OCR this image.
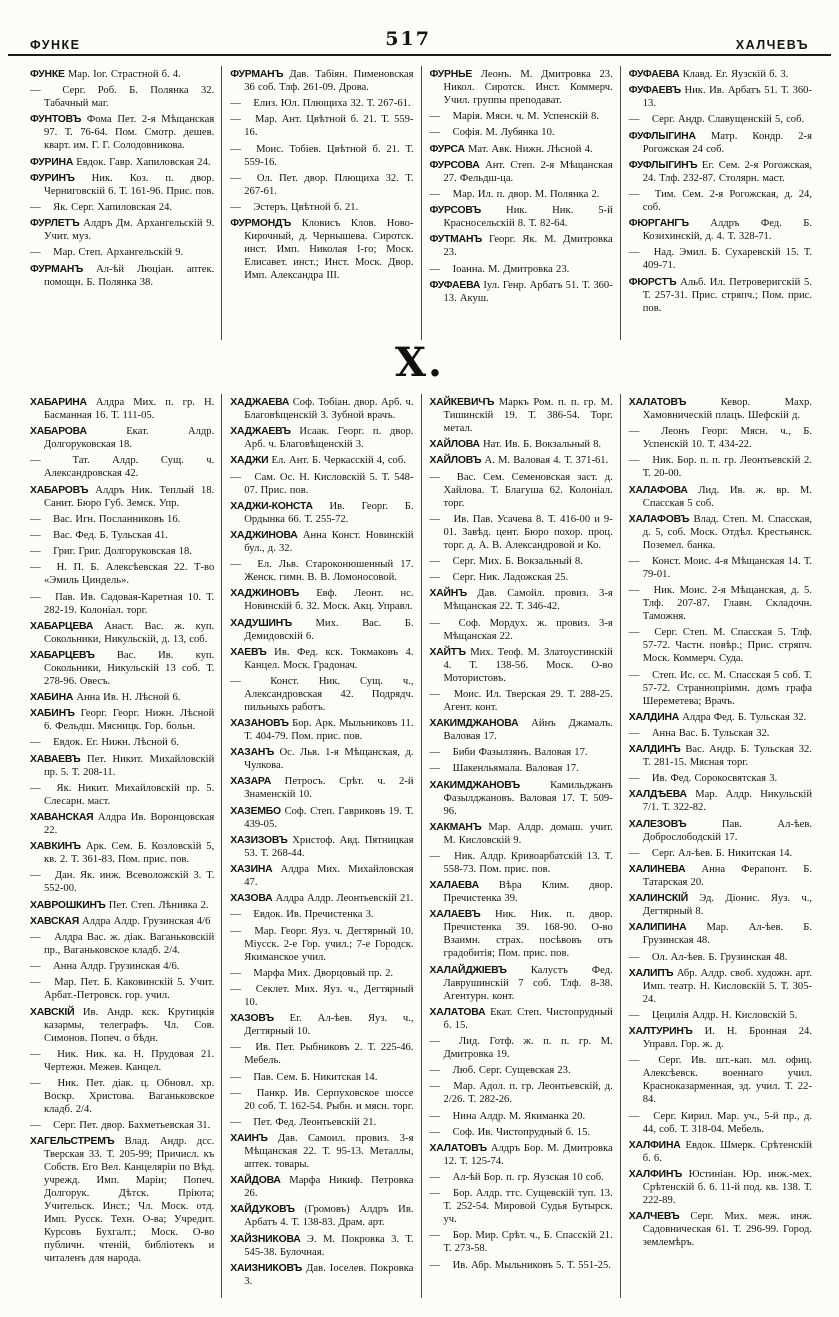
ФУНКЕ	517	ХАЛЧЕВЪ
ФУНКЕ Мар. Іог. Страстной б. 4.
— Серг. Роб. Б. Полянка 32. Табачный маг.
ФУНТОВЪ Фома Пет. 2-я Мѣщанская 97. Т. 76-64. Пом. Смотр. дешев. кварт. им. Г. Г. Солодовникова.
ФУРИНА Евдок. Гавр. Хапиловская 24.
ФУРИНЪ Ник. Коз. п. двор. Черниговскій 6. Т. 161-96. Прис. пов.
— Як. Серг. Хапиловская 24.
ФУРЛЕТЪ Алдръ Дм. Архангельскій 9. Учит. муз.
— Мар. Степ. Архангельскій 9.
ФУРМАНЪ Ал-ѣй Люціан. аптек. помощн. Б. Полянка 38.
ФУРМАНЪ Дав. Табіян. Пименовская 36 соб. Тлф. 261-09. Дрова.
— Елиз. Юл. Плющиха 32. Т. 267-61.
— Мар. Ант. Цвѣтной б. 21. Т. 559-16.
— Моис. Тобіев. Цвѣтной б. 21. Т. 559-16.
— Ол. Пет. двор. Плющиха 32. Т. 267-61.
— Эстеръ. Цвѣтной б. 21.
ФУРМОНДЪ Кловисъ Клов. Ново-Кирочный, д. Чернышева. Сиротск. инст. Имп. Николая I-го; Моск. Елисавет. инст.; Инст. Моск. Двор. Имп. Александра III.
ФУРНЬЕ Леонъ. М. Дмитровка 23. Никол. Сиротск. Инст. Коммерч. Учил. группы преподават.
— Марія. Мясн. ч. М. Успенскій 8.
— Софія. М. Лубянка 10.
ФУРСА Мат. Авк. Нижн. Лѣсной 4.
ФУРСОВА Ант. Степ. 2-я Мѣщанская 27. Фельдш-ца.
— Мар. Ил. п. двор. М. Полянка 2.
ФУРСОВЪ Ник. Ник. 5-й Красносельскій 8. Т. 82-64.
ФУТМАНЪ Георг. Як. М. Дмитровка 23.
— Іоанна. М. Дмитровка 23.
ФУФАЕВА Іул. Генр. Арбатъ 51. Т. 360-13. Акуш.
ФУФАЕВА Клавд. Ег. Яузскій б. 3.
ФУФАЕВЪ Ник. Ив. Арбатъ 51. Т. 360-13.
— Серг. Андр. Славущенскій 5, соб.
ФУФЛЫГИНА Матр. Кондр. 2-я Рогожская 24 соб.
ФУФЛЫГИНЪ Ег. Сем. 2-я Рогожская, 24. Тлф. 232-87. Столярн. маст.
— Тим. Сем. 2-я Рогожская, д. 24, соб.
ФЮРГАНГЪ Алдръ Фед. Б. Козихинскій, д. 4. Т. 328-71.
— Над. Эмил. Б. Сухаревскій 15. Т. 409-71.
ФЮРСТЪ Альб. Ил. Петроверигскій 5. Т. 257-31. Прис. стряпч.; Пом. прис. пов.
Х.
ХАБАРИНА Алдра Мих. п. гр. Н. Басманная 16. Т. 111-05.
ХАБАРОВА Екат. Алдр. Долгоруковская 18.
— Тат. Алдр. Сущ. ч. Александровская 42.
ХАБАРОВЪ Алдръ Ник. Теплый 18. Санит. Бюро Губ. Земск. Упр.
— Вас. Игн. Посланниковъ 16.
— Вас. Фед. Б. Тульская 41.
— Григ. Григ. Долгоруковская 18.
— Н. П. Б. Алексѣевская 22. Т-во «Эмиль Циндель».
— Пав. Ив. Садовая-Каретная 10. Т. 282-19. Колоніал. торг.
ХАБАРЦЕВА Анаст. Вас. ж. куп. Сокольники, Никульскій, д. 13, соб.
ХАБАРЦЕВЪ Вас. Ив. куп. Сокольники, Никульскій 13 соб. Т. 278-96. Овесъ.
ХАБИНА Анна Ив. Н. Лѣсной 6.
ХАБИНЪ Георг. Георг. Нижн. Лѣсной 6. Фельдш. Мясницк. Гор. больн.
— Евдок. Ег. Нижн. Лѣсной 6.
ХАВАЕВЪ Пет. Никит. Михайловскій пр. 5. Т. 208-11.
— Як. Никит. Михайловскій пр. 5. Слесарн. маст.
ХАВАНСКАЯ Алдра Ив. Воронцовская 22.
ХАВКИНЪ Арк. Сем. Б. Козловскій 5, кв. 2. Т. 361-83. Пом. прис. пов.
— Дан. Як. инж. Всеволожскій 3. Т. 552-00.
ХАВРОШКИНЪ Пет. Степ. Лѣнивка 2.
ХАВСКАЯ Алдра Алдр. Грузинская 4/6
— Алдра Вас. ж. діак. Ваганьковскій пр., Ваганьковское кладб. 2/4.
— Анна Алдр. Грузинская 4/6.
— Мар. Пет. Б. Каковинскій 5. Учит. Арбат.-Петровск. гор. учил.
ХАВСКІЙ Ив. Андр. кск. Крутицкія казармы, телеграфъ. Чл. Сов. Симонов. Попеч. о бѣдн.
— Ник. Ник. ка. Н. Прудовая 21. Чертежн. Межев. Канцел.
— Ник. Пет. діак. ц. Обновл. хр. Воскр. Христова. Ваганьковское кладб. 2/4.
— Серг. Пет. двор. Бахметьевская 31.
ХАГЕЛЬСТРЕМЪ Влад. Андр. дсс. Тверская 33. Т. 205-99; Причисл. къ Собств. Его Вел. Канцеляріи по Вѣд. учрежд. Имп. Маріи; Попеч. Долгорук. Дѣтск. Пріюта; Учительск. Инст.; Чл. Моск. отд. Имп. Русск. Техн. О-ва; Учредит. Курсовъ Бухгалт.; Моск. О-во публичн. чтеній, библіотекъ и читаленъ для народа.
ХАДЖАЕВА Соф. Тобіан. двор. Арб. ч. Благовѣщенскій 3. Зубной врачъ.
ХАДЖАЕВЪ Исаак. Георг. п. двор. Арб. ч. Благовѣщенскій 3.
ХАДЖИ Ел. Ант. Б. Черкасскій 4, соб.
— Сам. Ос. Н. Кисловскій 5. Т. 548-07. Прис. пов.
ХАДЖИ-КОНСТА Ив. Георг. Б. Ордынка 66. Т. 255-72.
ХАДЖИНОВА Анна Конст. Новинскій бул., д. 32.
— Ел. Льв. Староконюшенный 17. Женск. гимн. В. В. Ломоносовой.
ХАДЖИНОВЪ Евф. Леонт. нс. Новинскій б. 32. Моск. Акц. Управл.
ХАДУШИНЪ Мих. Вас. Б. Демидовскій 6.
ХАЕВЪ Ив. Фед. кск. Токмаковъ 4. Канцел. Моск. Градонач.
— Конст. Ник. Сущ. ч., Александровская 42. Подрядч. пильныхъ работъ.
ХАЗАНОВЪ Бор. Арк. Мыльниковъ 11. Т. 404-79. Пом. прис. пов.
ХАЗАНЪ Ос. Льв. 1-я Мѣщанская, д. Чулкова.
ХАЗАРА Петросъ. Срѣт. ч. 2-й Знаменскій 10.
ХАЗЕМБО Соф. Степ. Гавриковъ 19. Т. 439-05.
ХАЗИЗОВЪ Христоф. Авд. Пятницкая 53. Т. 268-44.
ХАЗИНА Алдра Мих. Михайловская 47.
ХАЗОВА Алдра Алдр. Леонтьевскій 21.
— Евдок. Ив. Пречистенка 3.
— Мар. Георг. Яуз. ч. Дегтярный 10. Міусск. 2-е Гор. учил.; 7-е Городск. Якиманское учил.
— Марфа Мих. Дворцовый пр. 2.
— Секлет. Мих. Яуз. ч., Дегтярный 10.
ХАЗОВЪ Ег. Ал-ѣев. Яуз. ч., Дегтярный 10.
— Ив. Пет. Рыбниковъ 2. Т. 225-46. Мебель.
— Пав. Сем. Б. Никитская 14.
— Панкр. Ив. Серпуховское шоссе 20 соб. Т. 162-54. Рыбн. и мясн. торг.
— Пет. Фед. Леонтьевскій 21.
ХАИНЪ Дав. Самоил. провиз. 3-я Мѣщанская 22. Т. 95-13. Металлы, аптек. товары.
ХАЙДОВА Марфа Никиф. Петровка 26.
ХАЙДУКОВЪ (Громовъ) Алдръ Ив. Арбатъ 4. Т. 138-83. Драм. арт.
ХАЙЗНИКОВА Э. М. Покровка 3. Т. 545-38. Булочная.
ХАИЗНИКОВЪ Дав. Іоселев. Покровка 3.
ХАЙКЕВИЧЪ Маркъ Ром. п. п. гр. М. Тишинскій 19. Т. 386-54. Торг. метал.
ХАЙЛОВА Нат. Ив. Б. Вокзальный 8.
ХАЙЛОВЪ А. М. Валовая 4. Т. 371-61.
— Вас. Сем. Семеновская заст. д. Хайлова. Т. Благуша 62. Колоніал. торг.
— Ив. Пав. Усачева 8. Т. 416-00 и 9-01. Завѣд. цент. Бюро похор. проц. торг. д. А. В. Александровой и Ко.
— Серг. Мих. Б. Вокзальный 8.
— Серг. Ник. Ладожская 25.
ХАЙНЪ Дав. Самойл. провиз. 3-я Мѣщанская 22. Т. 346-42.
— Соф. Мордух. ж. провиз. 3-я Мѣщанская 22.
ХАЙТЪ Мих. Теоф. М. Златоустинскій 4. Т. 138-56. Моск. О-во Мотористовъ.
— Моис. Ил. Тверская 29. Т. 288-25. Агент. конт.
ХАКИМДЖАНОВА Айнъ Джамалъ. Валовая 17.
— Биби Фазылзянъ. Валовая 17.
— Шакенльямала. Валовая 17.
ХАКИМДЖАНОВЪ Камильджанъ Фазылджановъ. Валовая 17. Т. 509-96.
ХАКМАНЪ Мар. Алдр. домаш. учит. М. Кисловскій 9.
— Ник. Алдр. Кривоарбатскій 13. Т. 558-73. Пом. прис. пов.
ХАЛАЕВА Вѣра Клим. двор. Пречистенка 39.
ХАЛАЕВЪ Ник. Ник. п. двор. Пречистенка 39. 168-90. О-во Взаимн. страх. посѣвовъ отъ градобитія; Пом. прис. пов.
ХАЛАЙДЖІЕВЪ Калустъ Фед. Лаврушинскій 7 соб. Тлф. 8-38. Агентурн. конт.
ХАЛАТОВА Екат. Степ. Чистопрудный б. 15.
— Лид. Готф. ж. п. п. гр. М. Дмитровка 19.
— Люб. Серг. Сущевская 23.
— Мар. Адол. п. гр. Леонтьевскій, д. 2/26. Т. 282-26.
— Нина Алдр. М. Якиманка 20.
— Соф. Ив. Чистопрудный б. 15.
ХАЛАТОВЪ Алдръ Бор. М. Дмитровка 12. Т. 125-74.
— Ал-ѣй Бор. п. гр. Яузская 10 соб.
— Бор. Алдр. ттс. Сущевскій туп. 13. Т. 252-54. Мировой Судья Бутырск. уч.
— Бор. Мир. Срѣт. ч., Б. Спасскій 21. Т. 273-58.
— Ив. Абр. Мыльниковъ 5. Т. 551-25.
ХАЛАТОВЪ Кевор. Махр. Хамовническій плацъ. Шефскій д.
— Леонъ Георг. Мясн. ч., Б. Успенскій 10. Т. 434-22.
— Ник. Бор. п. п. гр. Леонтьевскій 2. Т. 20-00.
ХАЛАФОВА Лид. Ив. ж. вр. М. Спасская 5 соб.
ХАЛАФОВЪ Влад. Степ. М. Спасская, д. 5, соб. Моск. Отдѣл. Крестьянск. Поземел. банка.
— Конст. Моис. 4-я Мѣщанская 14. Т. 79-01.
— Ник. Моис. 2-я Мѣщанская, д. 5. Тлф. 207-87. Главн. Складочн. Таможня.
— Серг. Степ. М. Спасская 5. Тлф. 57-72. Частн. повѣр.; Прис. стряпч. Моск. Коммерч. Суда.
— Степ. Ис. сс. М. Спасская 5 соб. Т. 57-72. Страннопріимн. домъ графа Шереметева; Врачъ.
ХАЛДИНА Алдра Фед. Б. Тульская 32.
— Анна Вас. Б. Тульская 32.
ХАЛДИНЪ Вас. Андр. Б. Тульская 32. Т. 281-15. Мясная торг.
— Ив. Фед. Сорокосвятская 3.
ХАЛДѢЕВА Мар. Алдр. Никульскій 7/1. Т. 322-82.
ХАЛЕЗОВЪ Пав. Ал-ѣев. Доброслободскій 17.
— Серг. Ал-ѣев. Б. Никитская 14.
ХАЛИНЕВА Анна Ферапонт. Б. Татарская 20.
ХАЛИНСКІЙ Эд. Діонис. Яуз. ч., Дегтярный 8.
ХАЛИПИНА Мар. Ал-ѣев. Б. Грузинская 48.
— Ол. Ал-ѣев. Б. Грузинская 48.
ХАЛИПЪ Абр. Алдр. своб. художн. арт. Имп. театр. Н. Кисловскій 5. Т. 305-24.
— Цецилія Алдр. Н. Кисловскій 5.
ХАЛТУРИНЪ И. Н. Бронная 24. Управл. Гор. ж. д.
— Серг. Ив. шт.-кап. мл. офиц. Алексѣевск. военнаго учил. Красноказарменная, зд. учил. Т. 22-84.
— Серг. Кирил. Мар. уч., 5-й пр., д. 44, соб. Т. 318-04. Мебель.
ХАЛФИНА Евдок. Шмерк. Срѣтенскій б. 6.
ХАЛФИНЪ Юстиніан. Юр. инж.-мех. Срѣтенскій б. 6. 11-й под. кв. 138. Т. 222-89.
ХАЛЧЕВЪ Серг. Мих. меж. инж. Садовническая 61. Т. 296-99. Город. землемѣръ.
